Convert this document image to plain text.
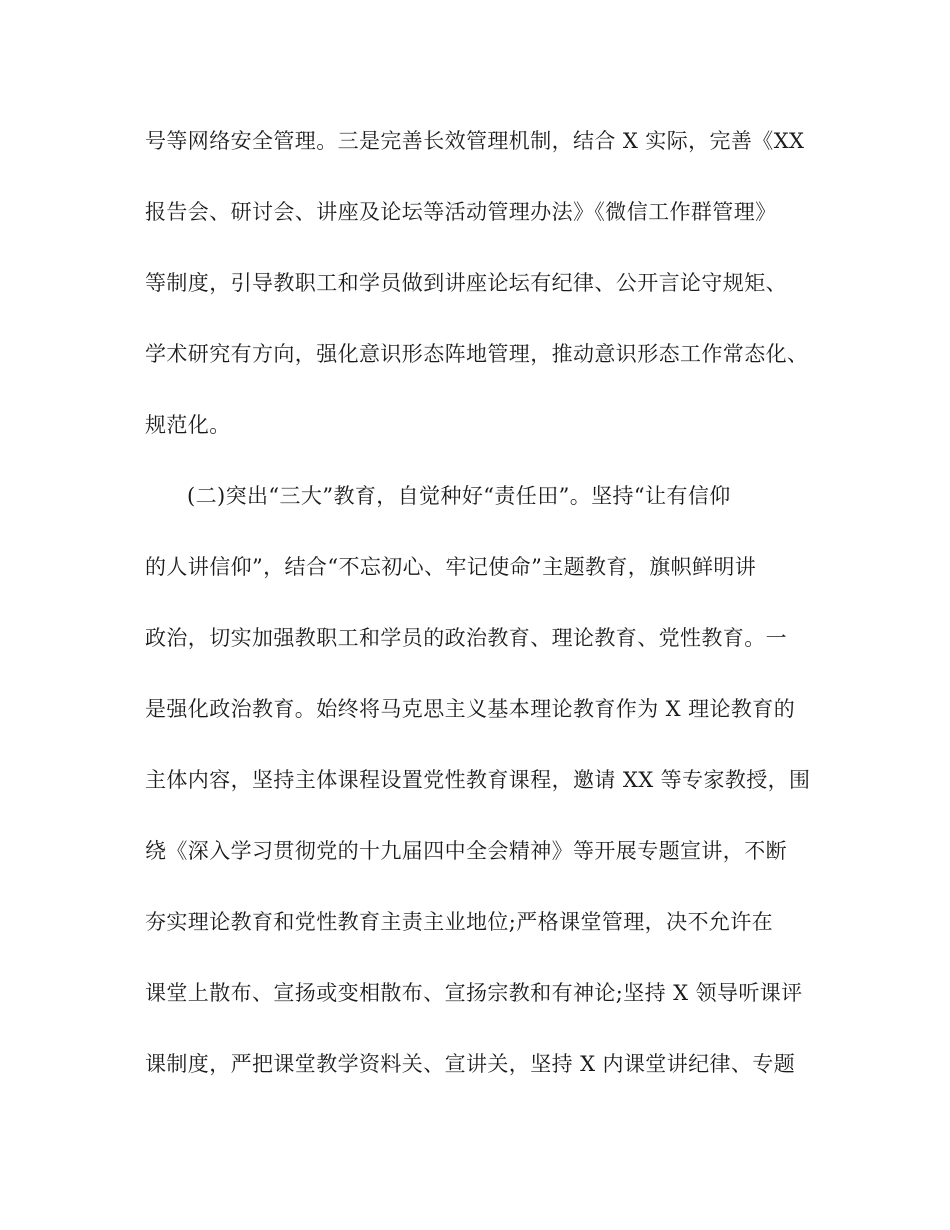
号等网络安全管理。三是完善长效管理机制，结合 X 实际，完善《XX
报告会、研讨会、讲座及论坛等活动管理办法》《微信工作群管理》
等制度，引导教职工和学员做到讲座论坛有纪律、公开言论守规矩、
学术研究有方向，强化意识形态阵地管理，推动意识形态工作常态化、
规范化。
(二)突出“三大”教育，自觉种好“责任田”。坚持“让有信仰
的人讲信仰”，结合“不忘初心、牢记使命”主题教育，旗帜鲜明讲
政治，切实加强教职工和学员的政治教育、理论教育、党性教育。一
是强化政治教育。始终将马克思主义基本理论教育作为 X 理论教育的
主体内容，坚持主体课程设置党性教育课程，邀请 XX 等专家教授，围
绕《深入学习贯彻党的十九届四中全会精神》等开展专题宣讲，不断
夯实理论教育和党性教育主责主业地位;严格课堂管理，决不允许在
课堂上散布、宣扬或变相散布、宣扬宗教和有神论;坚持 X 领导听课评
课制度，严把课堂教学资料关、宣讲关，坚持 X 内课堂讲纪律、专题
